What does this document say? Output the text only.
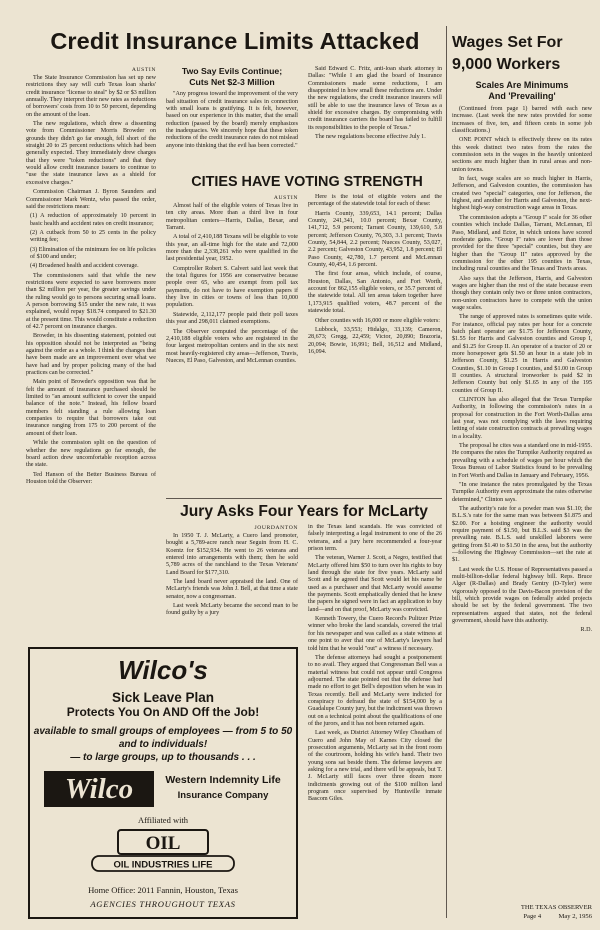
Credit Insurance Limits Attacked
AUSTIN

The State Insurance Commission has set up new restrictions they say will curb Texas loan sharks' credit insurance "license to steal" by $2 or $3 million annually. They interpret their new rates as reductions of borrowers' costs from 10 to 50 percent, depending on the amount of the loan.

The new regulations, which drew a dissenting vote from Commissioner Morris Browder on grounds they didn't go far enough, fell short of the straight 20 to 25 percent reductions which had been generally expected. They immediately drew charges that they were "token reductions" and that they would allow credit insurance issuers to continue to "use the state insurance laws as a shield for excessive charges."

Commission Chairman J. Byron Saunders and Commissioner Mark Wentz, who passed the order, said the restrictions mean:

(1) A reduction of approximately 10 percent in basic health and accident rates on credit insurance;

(2) A cutback from 50 to 25 cents in the policy writing fee;

(3) Elimination of the minimum fee on life policies of $100 and under;

(4) Broadened health and accident coverage.

The commissioners said that while the new restrictions were expected to save borrowers more than $2 million per year, the greater savings under the ruling would go to persons securing small loans. A person borrowing $15 under the new rate, it was explained, would repay $18.74 compared to $21.30 at the present time. This would constitute a reduction of 42.7 percent on insurance charges.

Browder, in his dissenting statement, pointed out his opposition should not be interpreted as "being against the order as a whole. I think the changes that have been made are an improvement over what we have had and by proper policing many of the bad practices can be corrected."

Main point of Browder's opposition was that he felt the amount of insurance purchased should be limited to "an amount sufficient to cover the unpaid balance of the note." Instead, his fellow board members felt standing a rule allowing loan companies to require that borrowers take out insurance ranging from 175 to 200 percent of the amount of their loan.

While the commission split on the question of whether the new regulations go far enough, the board action drew uncomfortable reception across the state.

Ted Hanson of the Better Business Bureau of Houston told the Observer:

Two Say Evils Continue;
Cuts Net $2-3 Million

"Any progress toward the improvement of the very bad situation of credit insurance sales in connection with small loans is gratifying. It is felt, however, based on our experience in this matter, that the small reduction (passed by the board) merely emphasizes the inadequacies. We sincerely hope that these token reductions of the credit insurance rates do not mislead anyone into thinking that the evil has been corrected."

Said Edward C. Fritz, anti-loan shark attorney in Dallas: "While I am glad the board of Insurance Commissioners made some reductions, I am disappointed in how small these reductions are. Under the new regulations, the credit insurance insurers will still be able to use the insurance laws of Texas as a shield for excessive charges. By compromising with credit insurance carriers the board has failed to fulfill its responsibilities to the people of Texas."

The new regulations become effective July 1.

CITIES HAVE VOTING STRENGTH
AUSTIN

Almost half of the eligible voters of Texas live in ten city areas. More than a third live in four metropolitan centers—Harris, Dallas, Bexar, and Tarrant.

A total of 2,410,188 Texans will be eligible to vote this year, an all-time high for the state and 72,000 more than the 2,338,261 who were qualified in the last presidential year, 1952.

Comptroller Robert S. Calvert said last week that the total figures for 1956 are conservative because people over 65, who are exempt from poll tax payments, do not have to have exemption papers if they live in cities or towns of less than 10,000 population.

Statewide, 2,112,177 people paid their poll taxes this year and 298,011 claimed exemptions.

The Observer computed the percentage of the 2,410,188 eligible voters who are registered in the four largest metropolitan centers and in the six next most heavily-registered city areas—Jefferson, Travis, Nueces, El Paso, Galveston, and McLennan counties.

Here is the total of eligible voters and the percentage of the statewide total for each of these:

Harris County, 339,653, 14.1 percent; Dallas County, 241,341, 10.0 percent; Bexar County, 141,712, 5.9 percent; Tarrant County, 139,610, 5.8 percent; Jefferson County, 76,303, 3.1 percent; Travis County, 54,844, 2.2 percent; Nueces County, 53,027, 2.2 percent; Galveston County, 43,952, 1.8 percent; El Paso County, 42,780, 1.7 percent and McLennan County, 40,454, 1.6 percent.

The first four areas, which include, of course, Houston, Dallas, San Antonio, and Fort Worth, account for 862,155 eligible voters, or 35.7 percent of the statewide total. All ten areas taken together have 1,173,915 qualified voters, 48.7 percent of the statewide total.

Other counties with 16,000 or more eligible voters:

Lubbock, 33,553; Hidalgo, 33,139; Cameron, 28,673; Gregg, 22,459; Victor, 20,890; Brazoria, 20,094; Bowie, 16,991; Bell, 16,512 and Midland, 16,094.

Jury Asks Four Years for McLarty
JOURDANTON

In 1950 T. J. McLarty, a Cuero land promoter, bought a 5,789-acre ranch near Seguin from H. C. Koentz for $152,934. He went to 26 veterans and entered into arrangements with them; then he sold 5,789 acres of the ranchland to the Texas Veterans' Land Board for $177,310.

The land board never appraised the land. One of McLarty's friends was John J. Bell, at that time a state senator, now a congressman.

Last week McLarty became the second man to be found guilty by a jury

in the Texas land scandals. He was convicted of falsely interpreting a legal instrument to one of the 26 veterans, and a jury here recommended a four-year prison term.

The veteran, Warner J. Scott, a Negro, testified that McLarty offered him $50 to turn over his rights to buy land through the state for five years. McLarty said Scott and he agreed that Scott would let his name be used as a purchaser and that McLarty would assume the payments. Scott emphatically denied that he knew the papers he signed were in fact an application to buy land—and on that proof, McLarty was convicted.

Kenneth Towery, the Cuero Record's Pulitzer Prize winner who broke the land scandals, covered the trial for his newspaper and was called as a state witness at one point to aver that one of McLarty's lawyers had told him that he would "out" a witness if necessary.

The defense attorneys had sought a postponement to no avail. They argued that Congressman Bell was a material witness but could not appear until Congress adjourned. The state pointed out that the defense had made no effort to get Bell's deposition when he was in Texas recently. Bell and McLarty were indicted for conspiracy to defraud the state of $154,000 by a Guadalupe County jury, but the indictment was thrown out on a technical point about the qualifications of one of the jurors, and it has not been returned again.

Last week, as District Attorney Wiley Cheatham of Cuero and John May of Karnes City closed the prosecution arguments, McLarty sat in the front room of the courtroom, holding his wife's hand. Their two young sons sat beside them. The defense lawyers are asking for a new trial, and there will be appeals, but T. J. McLarty still faces over three dozen more indictments growing out of the $100 million land program once supervised by Huntsville inmate Bascom Giles.

Wilco's
Sick Leave Plan
Protects You On AND Off the Job!
available to small groups of employees — from 5 to 50
and to individuals!
— to large groups, up to thousands . . .
Wilco	Western Indemnity Life
Insurance Company
Affiliated with
OIL
OIL INDUSTRIES LIFE
Home Office: 2011 Fannin, Houston, Texas
AGENCIES THROUGHOUT TEXAS
Wages Set For
9,000 Workers
Scales Are Minimums
And 'Prevailing'

(Continued from page 1) barred with each new increase. (Last week the new rates provided for some increases of five, ten, and fifteen cents in some job classifications.)

ONE POINT which is effectively threw on its rates this week distinct two rates from the rates the commission sets in the wages in the heavily unionized sections are much higher than in rural areas and non-union towns.

In fact, wage scales are so much higher in Harris, Jefferson, and Galveston counties, the commission has created two "special" categories, one for Jefferson, the highest, and another for Harris and Galveston, the next-highest high-way construction wage areas in Texas.

The commission adopts a "Group I" scale for 36 other counties which include Dallas, Tarrant, McLennan, El Paso, Midland, and Ector, in which unions have scored moderate gains. "Group I" rates are lower than those provided for the three "special" counties, but they are higher than the "Group II" rates approved by the commission for the other 195 counties in Texas, including rural counties and the Texas and Travis areas.

Also says that the Jefferson, Harris, and Galveston wages are higher than the rest of the state because even though they contain only two or three union contractors, non-union contractors have to compete with the union wage scales.

The range of approved rates is sometimes quite wide. For instance, official pay rates per hour for a concrete batch plant operator are $1.75 for Jefferson County, $1.55 for Harris and Galveston counties and Group I, and $1.25 for Group II. An operator of a tractor of 20 or more horsepower gets $1.50 an hour in a state job in Jefferson County, $1.25 in Harris and Galveston Counties, $1.10 in Group I counties, and $1.00 in Group II counties. A structural ironworker is paid $2 in Jefferson County but only $1.65 in any of the 195 counties of Group II.

CLINTON has also alleged that the Texas Turnpike Authority, in following the commission's rates in a proposal for construction in the Fort Worth-Dallas area last year, was not complying with the laws requiring letting of state construction contracts at prevailing wages in a locality.

The proposal he cites was a standard one in mid-1955. He compares the rates the Turnpike Authority required as prevailing with a schedule of wages per hour which the Texas Bureau of Labor Statistics found to be prevailing in Fort Worth and Dallas in January and February, 1956.

"In one instance the rates promulgated by the Texas Turnpike Authority even approximate the rates otherwise determined," Clinton says.

The authority's rate for a powder man was $1.10; the B.L.S.'s rate for the same man was between $1.875 and $2.00. For a hoisting engineer the authority would require payment of $1.50, but B.L.S. said $3 was the prevailing rate. B.L.S. said unskilled laborers were getting from $1.40 to $1.50 in the area, but the authority—following the Highway Commission—set the rate at $1.

Last week the U.S. House of Representatives passed a multi-billion-dollar federal highway bill. Reps. Bruce Alger (R-Dallas) and Brady Gentry (D-Tyler) were vigorously opposed to the Davis-Bacon provision of the bill, which provide wages on federally aided projects should be set by the federal government. The two representatives argued that states, not the federal government, should have this authority.

R.D.

THE TEXAS OBSERVER
Page 4	May 2, 1956
